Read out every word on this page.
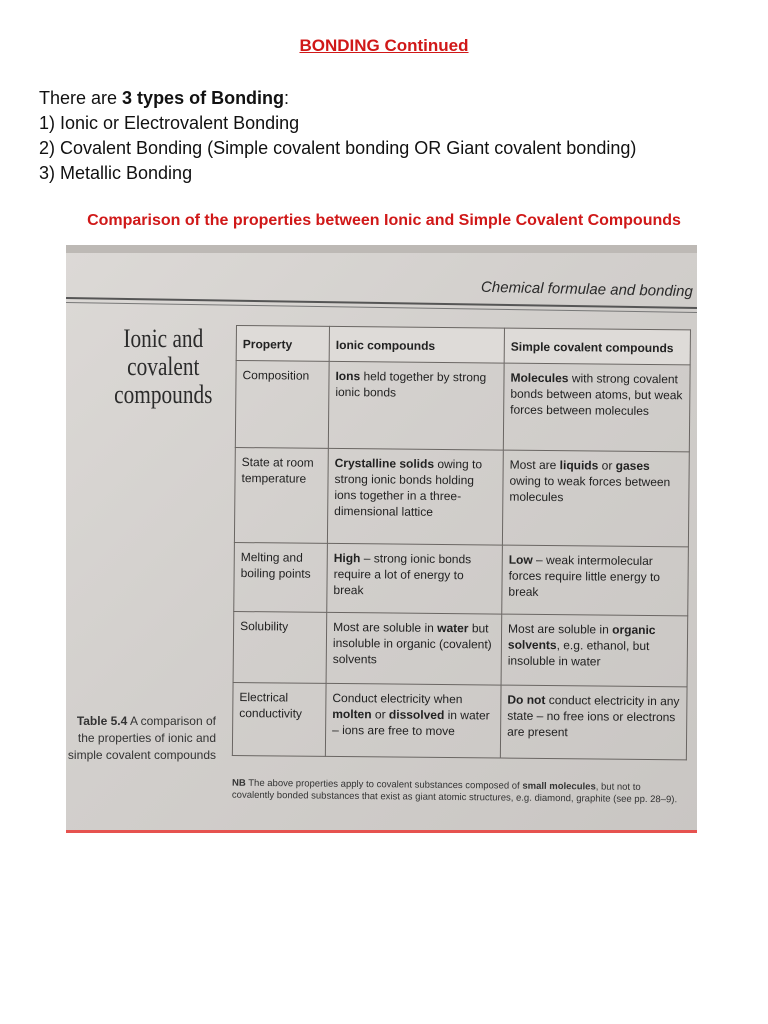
BONDING Continued

There are 3 types of Bonding:

1) Ionic or Electrovalent Bonding

2) Covalent Bonding (Simple covalent bonding OR Giant covalent bonding)

3) Metallic Bonding

Comparison of the properties between Ionic and Simple Covalent Compounds
Chemical formulae and bonding
Ionic and covalent compounds
Property	Ionic compounds	Simple covalent compounds
Composition	Ions held together by strong ionic bonds	Molecules with strong covalent bonds between atoms, but weak forces between molecules
State at room temperature	Crystalline solids owing to strong ionic bonds holding ions together in a three-dimensional lattice	Most are liquids or gases owing to weak forces between molecules
Melting and boiling points	High – strong ionic bonds require a lot of energy to break	Low – weak intermolecular forces require little energy to break
Solubility	Most are soluble in water but insoluble in organic (covalent) solvents	Most are soluble in organic solvents, e.g. ethanol, but insoluble in water
Electrical conductivity	Conduct electricity when molten or dissolved in water – ions are free to move	Do not conduct electricity in any state – no free ions or electrons are present
Table 5.4 A comparison of the properties of ionic and simple covalent compounds
NB The above properties apply to covalent substances composed of small molecules, but not to covalently bonded substances that exist as giant atomic structures, e.g. diamond, graphite (see pp. 28–9).
